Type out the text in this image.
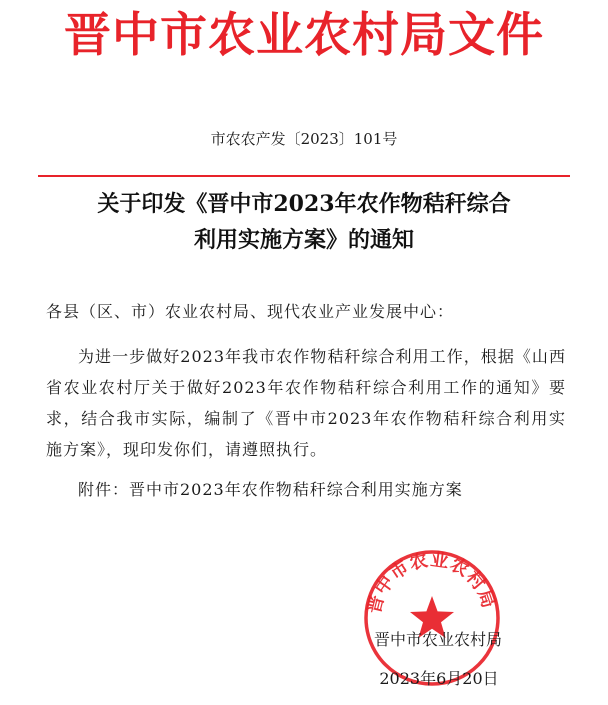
晋中市农业农村局文件
市农农产发〔2023〕101号
关于印发《晋中市2023年农作物秸秆综合
利用实施方案》的通知
各县（区、市）农业农村局、现代农业产业发展中心：
为进一步做好2023年我市农作物秸秆综合利用工作，根据《山西省农业农村厅关于做好2023年农作物秸秆综合利用工作的通知》要求，结合我市实际，编制了《晋中市2023年农作物秸秆综合利用实施方案》，现印发你们，请遵照执行。
附件：晋中市2023年农作物秸秆综合利用实施方案
晋中市农业农村局
晋中市农业农村局
2023年6月20日
